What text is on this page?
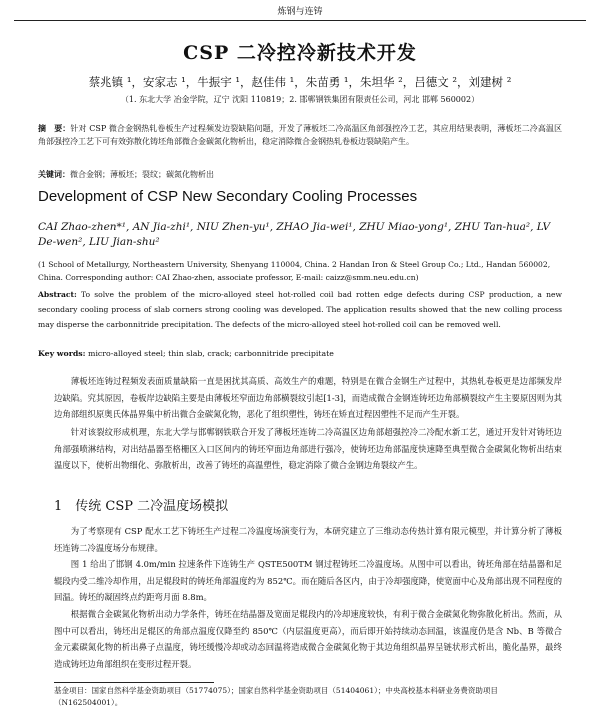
炼钢与连铸
CSP 二冷控冷新技术开发
蔡兆镇 ¹，安家志 ¹，牛振宇 ¹，赵佳伟 ¹，朱苗勇 ¹，朱坦华 ²，吕德文 ²，刘建树 ²
（1. 东北大学 冶金学院，辽宁 沈阳 110819；2. 邯郸钢铁集团有限责任公司，河北 邯郸 560002）
摘　要：针对 CSP 微合金钢热轧卷板生产过程频发边裂缺陷问题，开发了薄板坯二冷高温区角部强控冷工艺，其应用结果表明，薄板坯二冷高温区角部强控冷工艺下可有效弥散化铸坯角部微合金碳氮化物析出，稳定消除微合金钢热轧卷板边裂缺陷产生。
关键词：微合金钢；薄板坯；裂纹；碳氮化物析出
Development of CSP New Secondary Cooling Processes
CAI Zhao-zhen*¹, AN Jia-zhi¹, NIU Zhen-yu¹, ZHAO Jia-wei¹, ZHU Miao-yong¹, ZHU Tan-hua², LV De-wen², LIU Jian-shu²
(1 School of Metallurgy, Northeastern University, Shenyang 110004, China. 2 Handan Iron & Steel Group Co.; Ltd., Handan 560002, China. Corresponding author: CAI Zhao-zhen, associate professor, E-mail: caizz@smm.neu.edu.cn)
Abstract: To solve the problem of the micro-alloyed steel hot-rolled coil bad rotten edge defects during CSP production, a new secondary cooling process of slab corners strong cooling was developed. The application results showed that the new colling process may disperse the carbonnitride precipitation. The defects of the micro-alloyed steel hot-rolled coil can be removed well.
Key words: micro-alloyed steel; thin slab, crack; carbonnitride precipitate
薄板坯连铸过程频发表面质量缺陷一直是困扰其高质、高效生产的难题，特别是在微合金钢生产过程中，其热轧卷板更是边部频发岸边缺陷。究其原因，卷板岸边缺陷主要是由薄板坯窄面边角部横裂纹引起[1-3]，而造成微合金钢连铸坯边角部横裂纹产生主要原因则为其边角部组织原奥氏体晶界集中析出微合金碳氮化物，恶化了组织塑性，铸坯在矫直过程因塑性不足而产生开裂。
针对该裂纹形成机理，东北大学与邯郸钢铁联合开发了薄板坯连铸二冷高温区边角部超强控冷二冷配水新工艺，通过开发针对铸坯边角部强喷淋结构，对出结晶器至格栅区入口区间内的铸坯窄面边角部进行强冷，使铸坯边角部温度快速降至典型微合金碳氮化物析出结束温度以下，使析出物细化、弥散析出，改善了铸坯的高温塑性，稳定消除了微合金钢边角裂纹产生。
1　传统 CSP 二冷温度场模拟
为了考察现有 CSP 配水工艺下铸坯生产过程二冷温度场演变行为，本研究建立了三维动态传热计算有限元模型，并计算分析了薄板坯连铸二冷温度场分布规律。
图 1 给出了邯钢 4.0m/min 拉速条件下连铸生产 QSTE500TM 钢过程铸坯二冷温度场。从图中可以看出，铸坯角部在结晶器和足辊段内受二维冷却作用，出足辊段时的铸坯角部温度约为 852℃。而在随后各区内，由于冷却强度降，使宽面中心及角部出现不同程度的回温。铸坯的凝固终点约距弯月面 8.8m。
根据微合金碳氮化物析出动力学条件，铸坯在结晶器及宽面足辊段内的冷却速度较快，有利于微合金碳氮化物弥散化析出。然而，从图中可以看出，铸坯出足辊区的角部点温度仅降至约 850℃（内层温度更高），而后即开始持续动态回温，该温度仍是含 Nb、B 等微合金元素碳氮化物的析出鼻子点温度，铸坯缓慢冷却或动态回温将造成微合金碳氮化物于其边角组织晶界呈链状形式析出，脆化晶界，最终造成铸坯边角部组织在变形过程开裂。
基金项目：国家自然科学基金资助项目（51774075）；国家自然科学基金资助项目（51404061）；中央高校基本科研业务费资助项目（N162504001）。
